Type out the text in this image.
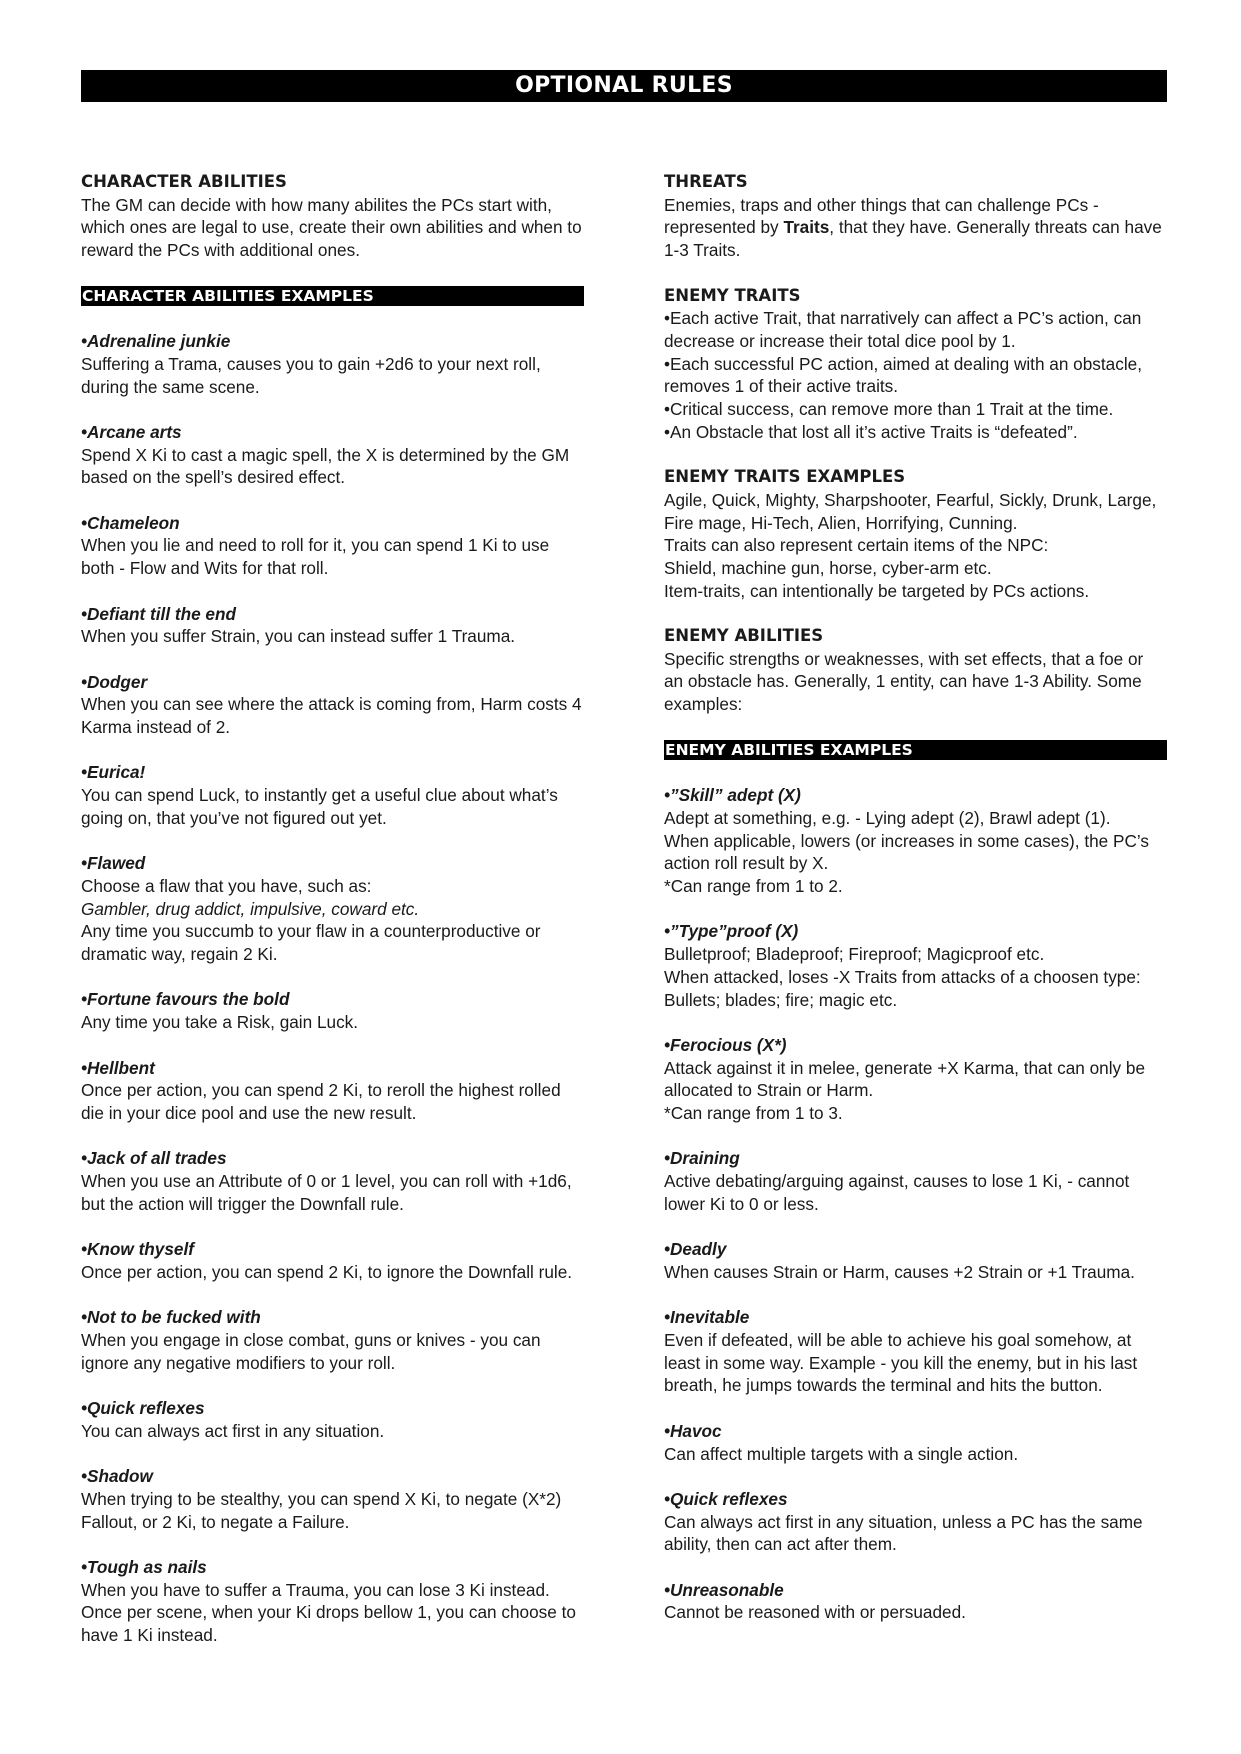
OPTIONAL RULES

CHARACTER ABILITIES

The GM can decide with how many abilites the PCs start with, which ones are legal to use, create their own abilities and when to reward the PCs with additional ones.

CHARACTER ABILITIES EXAMPLES

•Adrenaline junkie

Suffering a Trama, causes you to gain +2d6 to your next roll, during the same scene.

•Arcane arts

Spend X Ki to cast a magic spell, the X is determined by the GM based on the spell’s desired effect.

•Chameleon

When you lie and need to roll for it, you can spend 1 Ki to use both - Flow and Wits for that roll.

•Defiant till the end

When you suffer Strain, you can instead suffer 1 Trauma.

•Dodger

When you can see where the attack is coming from, Harm costs 4 Karma instead of 2.

•Eurica!

You can spend Luck, to instantly get a useful clue about what’s going on, that you’ve not figured out yet.

•Flawed

Choose a flaw that you have, such as:

Gambler, drug addict, impulsive, coward etc.

Any time you succumb to your flaw in a counterproductive or dramatic way, regain 2 Ki.

•Fortune favours the bold

Any time you take a Risk, gain Luck.

•Hellbent

Once per action, you can spend 2 Ki, to reroll the highest rolled die in your dice pool and use the new result.

•Jack of all trades

When you use an Attribute of 0 or 1 level, you can roll with +1d6, but the action will trigger the Downfall rule.

•Know thyself

Once per action, you can spend 2 Ki, to ignore the Downfall rule.

•Not to be fucked with

When you engage in close combat, guns or knives - you can ignore any negative modifiers to your roll.

•Quick reflexes

You can always act first in any situation.

•Shadow

When trying to be stealthy, you can spend X Ki, to negate (X*2) Fallout, or 2 Ki, to negate a Failure.

•Tough as nails

When you have to suffer a Trauma, you can lose 3 Ki instead. Once per scene, when your Ki drops bellow 1, you can choose to have 1 Ki instead.

THREATS

Enemies, traps and other things that can challenge PCs - represented by Traits, that they have. Generally threats can have 1-3 Traits.

ENEMY TRAITS

•Each active Trait, that narratively can affect a PC’s action, can decrease or increase their total dice pool by 1.

•Each successful PC action, aimed at dealing with an obstacle, removes 1 of their active traits.

•Critical success, can remove more than 1 Trait at the time.

•An Obstacle that lost all it’s active Traits is “defeated”.

ENEMY TRAITS EXAMPLES

Agile, Quick, Mighty, Sharpshooter, Fearful, Sickly, Drunk, Large, Fire mage, Hi-Tech, Alien, Horrifying, Cunning.

Traits can also represent certain items of the NPC:

Shield, machine gun, horse, cyber-arm etc.

Item-traits, can intentionally be targeted by PCs actions.

ENEMY ABILITIES

Specific strengths or weaknesses, with set effects, that a foe or an obstacle has. Generally, 1 entity, can have 1-3 Ability. Some examples:

ENEMY ABILITIES EXAMPLES

•”Skill” adept (X)

Adept at something, e.g. - Lying adept (2), Brawl adept (1).

When applicable, lowers (or increases in some cases), the PC’s action roll result by X.

*Can range from 1 to 2.

•”Type”proof (X)

Bulletproof; Bladeproof; Fireproof; Magicproof etc.

When attacked, loses -X Traits from attacks of a choosen type: Bullets; blades; fire; magic etc.

•Ferocious (X*)

Attack against it in melee, generate +X Karma, that can only be allocated to Strain or Harm.

*Can range from 1 to 3.

•Draining

Active debating/arguing against, causes to lose 1 Ki, - cannot lower Ki to 0 or less.

•Deadly

When causes Strain or Harm, causes +2 Strain or +1 Trauma.

•Inevitable

Even if defeated, will be able to achieve his goal somehow, at least in some way. Example - you kill the enemy, but in his last breath, he jumps towards the terminal and hits the button.

•Havoc

Can affect multiple targets with a single action.

•Quick reflexes

Can always act first in any situation, unless a PC has the same ability, then can act after them.

•Unreasonable

Cannot be reasoned with or persuaded.
